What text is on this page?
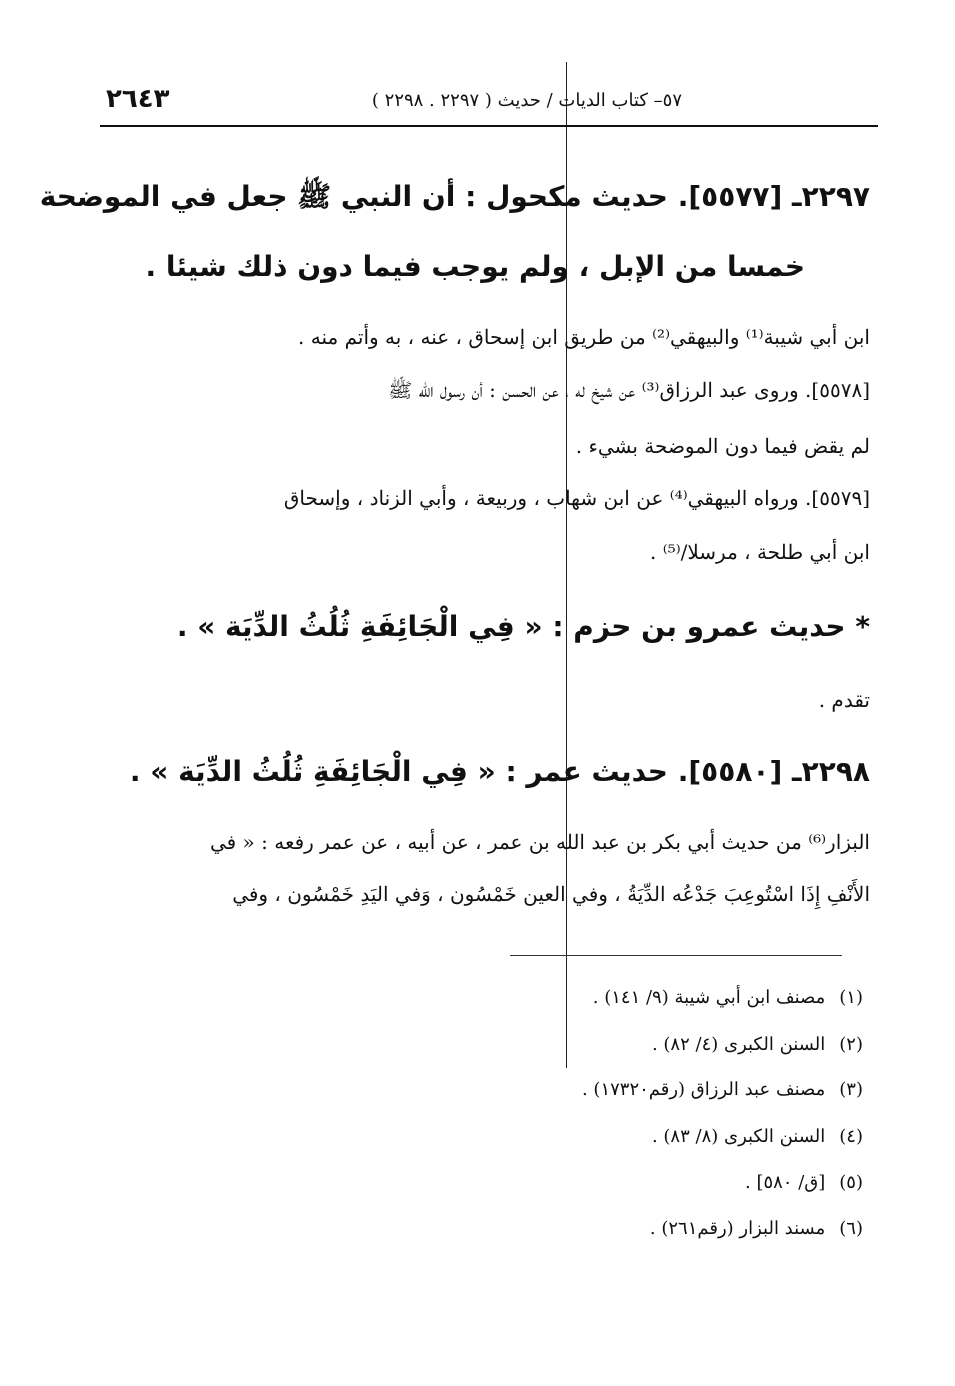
٢٦٤٣	٥٧– كتاب الديات / حديث ( ٢٢٩٧ . ٢٢٩٨ )
٢٢٩٧ـ [٥٥٧٧]. حديث مكحول : أن النبي ﷺ جعل في الموضحة
خمسا من الإبل ، ولم يوجب فيما دون ذلك شيئا .
ابن أبي شيبة⁽¹⁾ والبيهقي⁽²⁾ من طريق ابن إسحاق ، عنه ، به وأتم منه .
[٥٥٧٨]. وروى عبد الرزاق⁽³⁾ عن شيخ له ، عن الحسن : أن رسول الله ﷺ
لم يقض فيما دون الموضحة بشيء .
[٥٥٧٩]. ورواه البيهقي⁽⁴⁾ عن ابن شهاب ، وربيعة ، وأبي الزناد ، وإسحاق
ابن أبي طلحة ، مرسلا/⁽⁵⁾ .
* حديث عمرو بن حزم : « فِي الْجَائِفَةِ ثُلُثُ الدِّيَة » .
تقدم .
٢٢٩٨ـ [٥٥٨٠]. حديث عمر : « فِي الْجَائِفَةِ ثُلُثُ الدِّيَة » .
البزار⁽⁶⁾ من حديث أبي بكر بن عبد الله بن عمر ، عن أبيه ، عن عمر رفعه : « في
الأَنْفِ إِذَا اسْتُوعِبَ جَدْعُه الدِّيَةُ ، وفي العين خَمْسُون ، وَفي اليَدِ خَمْسُون ، وفي
(١)مصنف ابن أبي شيبة (٩/ ١٤١) .
(٢)السنن الكبرى (٤/ ٨٢) .
(٣)مصنف عبد الرزاق (رقم١٧٣٢٠) .
(٤)السنن الكبرى (٨/ ٨٣) .
(٥)[ق/ ٥٨٠] .
(٦)مسند البزار (رقم٢٦١) .
